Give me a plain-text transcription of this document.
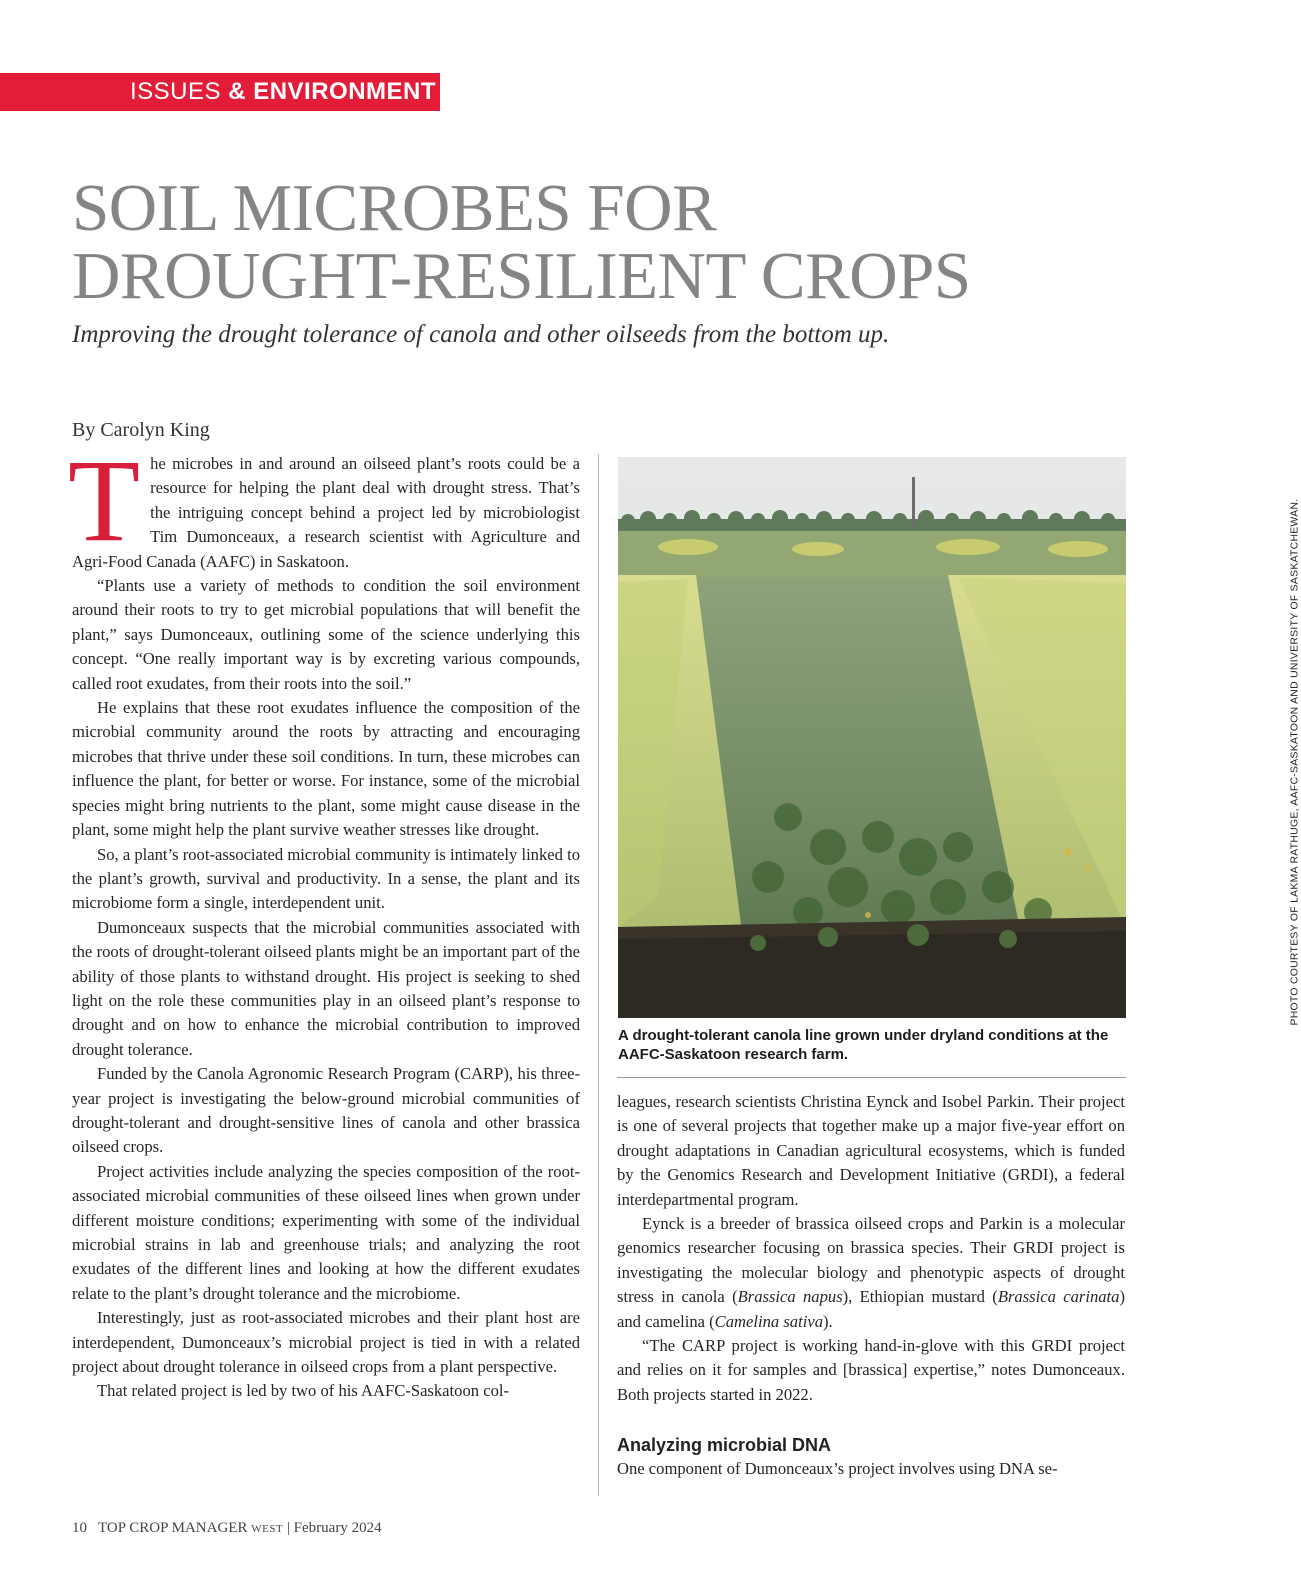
ISSUES & ENVIRONMENT
SOIL MICROBES FOR
DROUGHT-RESILIENT CROPS

Improving the drought tolerance of canola and other oilseeds from the bottom up.

By Carolyn King

The microbes in and around an oilseed plant’s roots could be a resource for helping the plant deal with drought stress. That’s the intriguing concept behind a project led by microbiologist Tim Dumonceaux, a research scientist with Agriculture and Agri-Food Canada (AAFC) in Saskatoon.

“Plants use a variety of methods to condition the soil environment around their roots to try to get microbial populations that will benefit the plant,” says Dumonceaux, outlining some of the science underlying this concept. “One really important way is by excreting various compounds, called root exudates, from their roots into the soil.”

He explains that these root exudates influence the composition of the microbial community around the roots by attracting and encouraging microbes that thrive under these soil conditions. In turn, these microbes can influence the plant, for better or worse. For instance, some of the microbial species might bring nutrients to the plant, some might cause disease in the plant, some might help the plant survive weather stresses like drought.

So, a plant’s root-associated microbial community is intimately linked to the plant’s growth, survival and productivity. In a sense, the plant and its microbiome form a single, interdependent unit.

Dumonceaux suspects that the microbial communities associated with the roots of drought-tolerant oilseed plants might be an important part of the ability of those plants to withstand drought. His project is seeking to shed light on the role these communities play in an oilseed plant’s response to drought and on how to enhance the microbial contribution to improved drought tolerance.

Funded by the Canola Agronomic Research Program (CARP), his three-year project is investigating the below-ground microbial communities of drought-tolerant and drought-sensitive lines of canola and other brassica oilseed crops.

Project activities include analyzing the species composition of the root-associated microbial communities of these oilseed lines when grown under different moisture conditions; experimenting with some of the individual microbial strains in lab and greenhouse trials; and analyzing the root exudates of the different lines and looking at how the different exudates relate to the plant’s drought tolerance and the microbiome.

Interestingly, just as root-associated microbes and their plant host are interdependent, Dumonceaux’s microbial project is tied in with a related project about drought tolerance in oilseed crops from a plant perspective.

That related project is led by two of his AAFC-Saskatoon col-

PHOTO COURTESY OF LAKMA RATHUGE, AAFC-SASKATOON AND UNIVERSITY OF SASKATCHEWAN.

A drought-tolerant canola line grown under dryland conditions at the AAFC-Saskatoon research farm.

leagues, research scientists Christina Eynck and Isobel Parkin. Their project is one of several projects that together make up a major five-year effort on drought adaptations in Canadian agricultural ecosystems, which is funded by the Genomics Research and Development Initiative (GRDI), a federal interdepartmental program.

Eynck is a breeder of brassica oilseed crops and Parkin is a molecular genomics researcher focusing on brassica species. Their GRDI project is investigating the molecular biology and phenotypic aspects of drought stress in canola (Brassica napus), Ethiopian mustard (Brassica carinata) and camelina (Camelina sativa).

“The CARP project is working hand-in-glove with this GRDI project and relies on it for samples and [brassica] expertise,” notes Dumonceaux. Both projects started in 2022.

Analyzing microbial DNA

One component of Dumonceaux’s project involves using DNA se-

10 TOP CROP MANAGER WEST | February 2024
